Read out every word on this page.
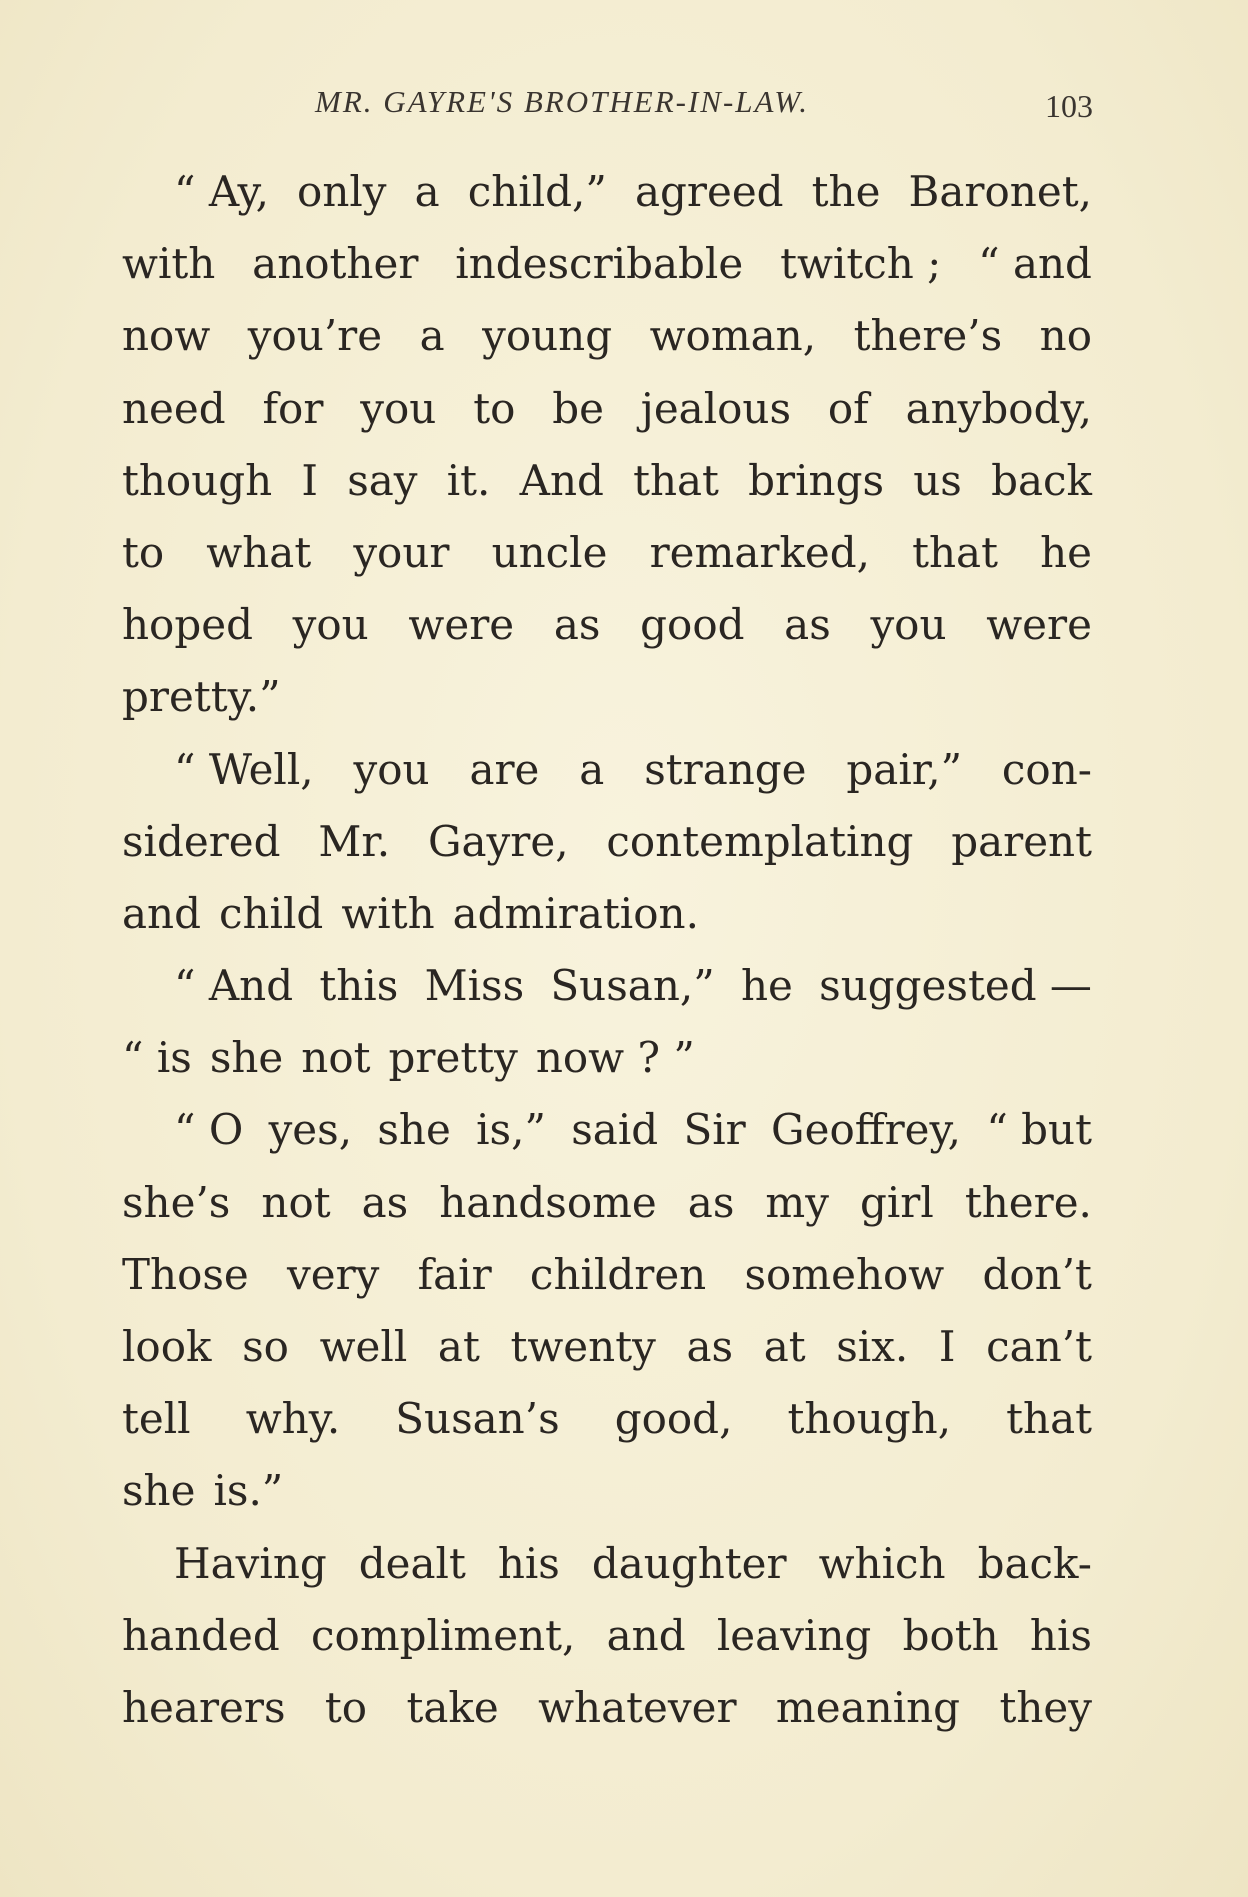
MR. GAYRE'S BROTHER-IN-LAW.	103
“ Ay, only a child,” agreed the Baronet,
with another indescribable twitch ; “ and
now you’re a young woman, there’s no
need for you to be jealous of anybody,
though I say it. And that brings us back
to what your uncle remarked, that he
hoped you were as good as you were
pretty.”
“ Well, you are a strange pair,” con-
sidered Mr. Gayre, contemplating parent
and child with admiration.
“ And this Miss Susan,” he suggested —
“ is she not pretty now ? ”
“ O yes, she is,” said Sir Geoffrey, “ but
she’s not as handsome as my girl there.
Those very fair children somehow don’t
look so well at twenty as at six. I can’t
tell why. Susan’s good, though, that
she is.”
Having dealt his daughter which back-
handed compliment, and leaving both his
hearers to take whatever meaning they
